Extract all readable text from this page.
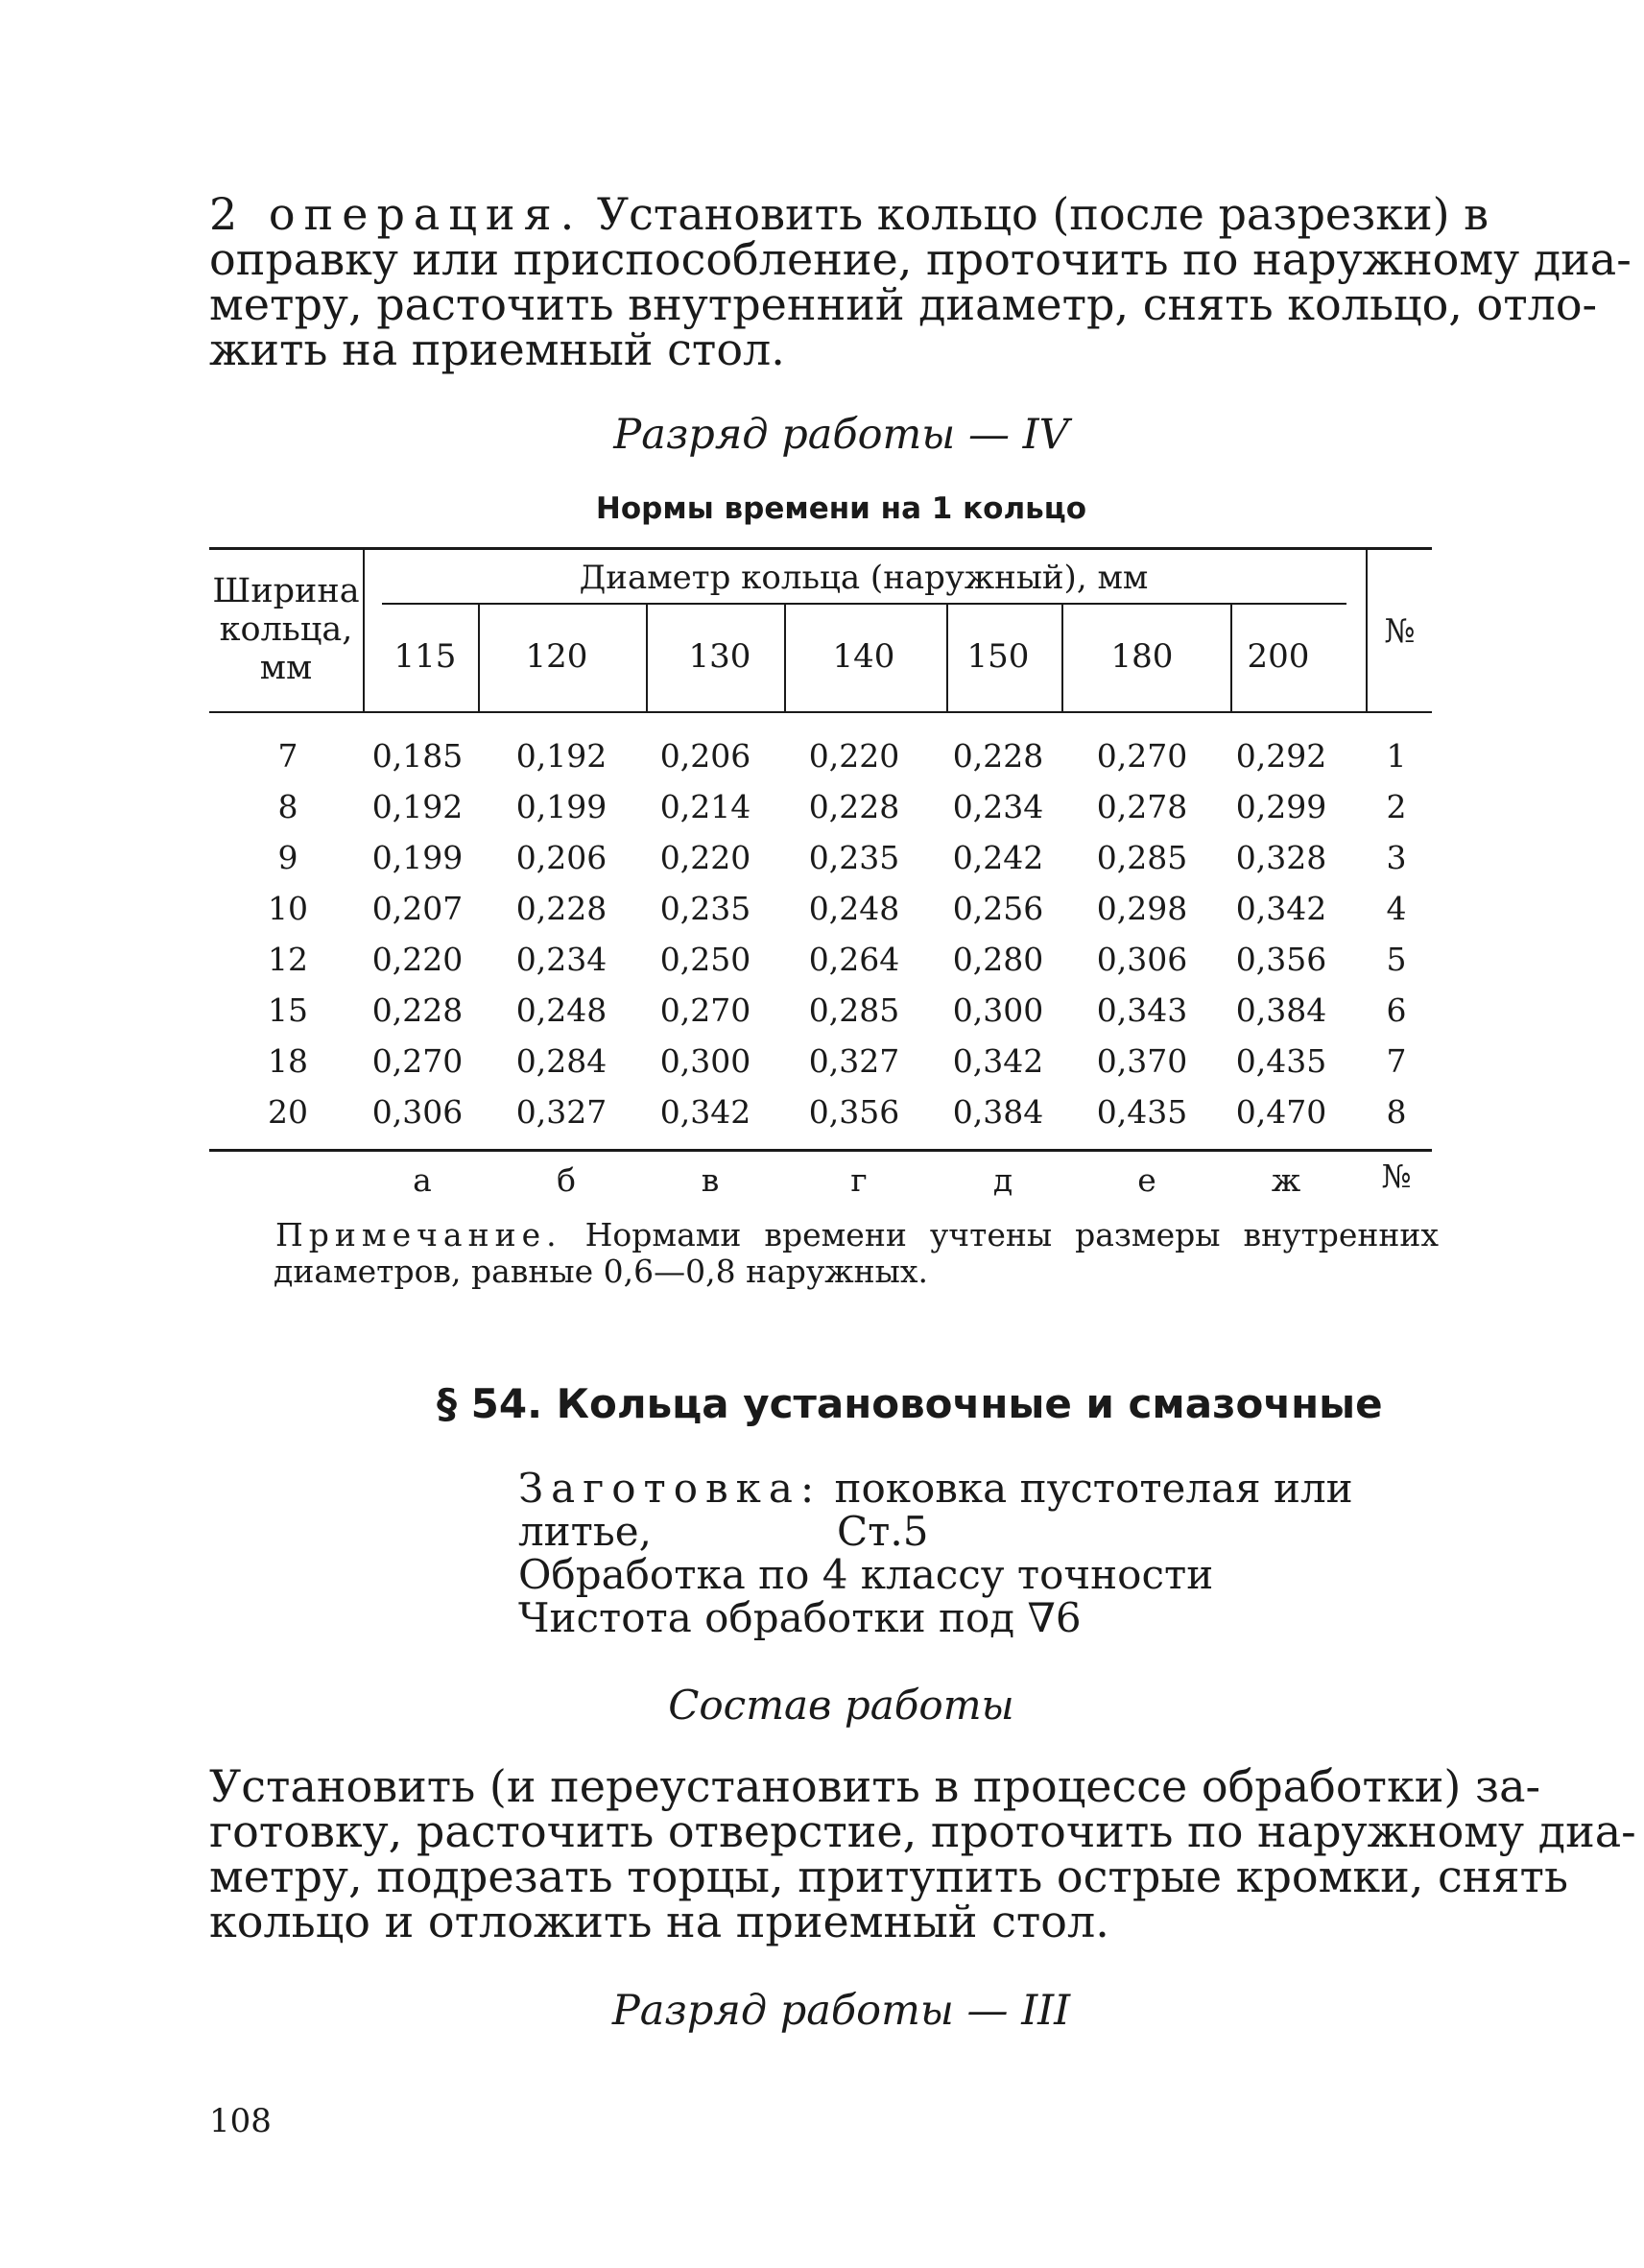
2 операция. Установить кольцо (после разрезки) в
оправку или приспособление, проточить по наружному диа-
метру, расточить внутренний диаметр, снять кольцо, отло-
жить на приемный стол.
Разряд работы — IV
Нормы времени на 1 кольцо
Ширина кольца, мм
Диаметр кольца (наружный), мм
№
115	120	130	140	150	180	200
7	0,185	0,192	0,206	0,220	0,228	0,270	0,292	1
8	0,192	0,199	0,214	0,228	0,234	0,278	0,299	2
9	0,199	0,206	0,220	0,235	0,242	0,285	0,328	3
10	0,207	0,228	0,235	0,248	0,256	0,298	0,342	4
12	0,220	0,234	0,250	0,264	0,280	0,306	0,356	5
15	0,228	0,248	0,270	0,285	0,300	0,343	0,384	6
18	0,270	0,284	0,300	0,327	0,342	0,370	0,435	7
20	0,306	0,327	0,342	0,356	0,384	0,435	0,470	8
а	б	в	г	д	е	ж	№
Примечание. Нормами времени учтены размеры внутренних
диаметров, равные 0,6—0,8 наружных.
§ 54. Кольца установочные и смазочные
Заготовка: поковка пустотелая или литье,	Ст.5
Обработка по 4 классу точности
Чистота обработки под ∇6
Состав работы
Установить (и переустановить в процессе обработки) за-
готовку, расточить отверстие, проточить по наружному диа-
метру, подрезать торцы, притупить острые кромки, снять
кольцо и отложить на приемный стол.
Разряд работы — III
108
